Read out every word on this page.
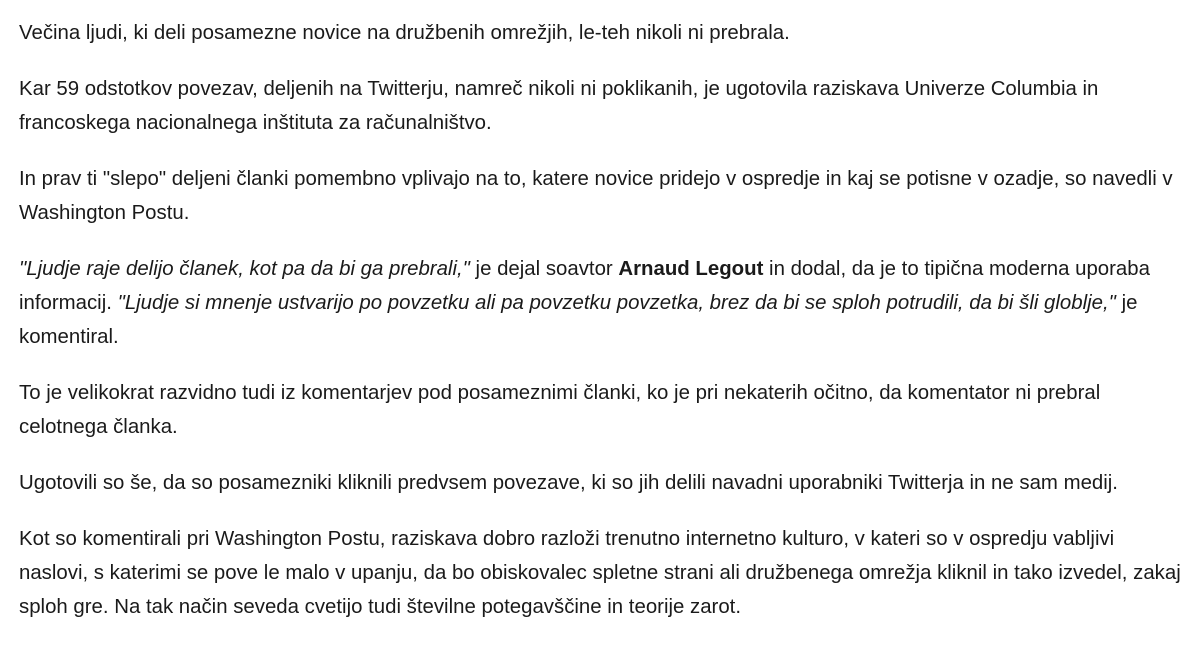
Večina ljudi, ki deli posamezne novice na družbenih omrežjih, le-teh nikoli ni prebrala.

Kar 59 odstotkov povezav, deljenih na Twitterju, namreč nikoli ni poklikanih, je ugotovila raziskava Univerze Columbia in francoskega nacionalnega inštituta za računalništvo.

In prav ti "slepo" deljeni članki pomembno vplivajo na to, katere novice pridejo v ospredje in kaj se potisne v ozadje, so navedli v Washington Postu.

"Ljudje raje delijo članek, kot pa da bi ga prebrali," je dejal soavtor Arnaud Legout in dodal, da je to tipična moderna uporaba informacij. "Ljudje si mnenje ustvarijo po povzetku ali pa povzetku povzetka, brez da bi se sploh potrudili, da bi šli globlje," je komentiral.

To je velikokrat razvidno tudi iz komentarjev pod posameznimi članki, ko je pri nekaterih očitno, da komentator ni prebral celotnega članka.

Ugotovili so še, da so posamezniki kliknili predvsem povezave, ki so jih delili navadni uporabniki Twitterja in ne sam medij.

Kot so komentirali pri Washington Postu, raziskava dobro razloži trenutno internetno kulturo, v kateri so v ospredju vabljivi naslovi, s katerimi se pove le malo v upanju, da bo obiskovalec spletne strani ali družbenega omrežja kliknil in tako izvedel, zakaj sploh gre. Na tak način seveda cvetijo tudi številne potegavščine in teorije zarot.
